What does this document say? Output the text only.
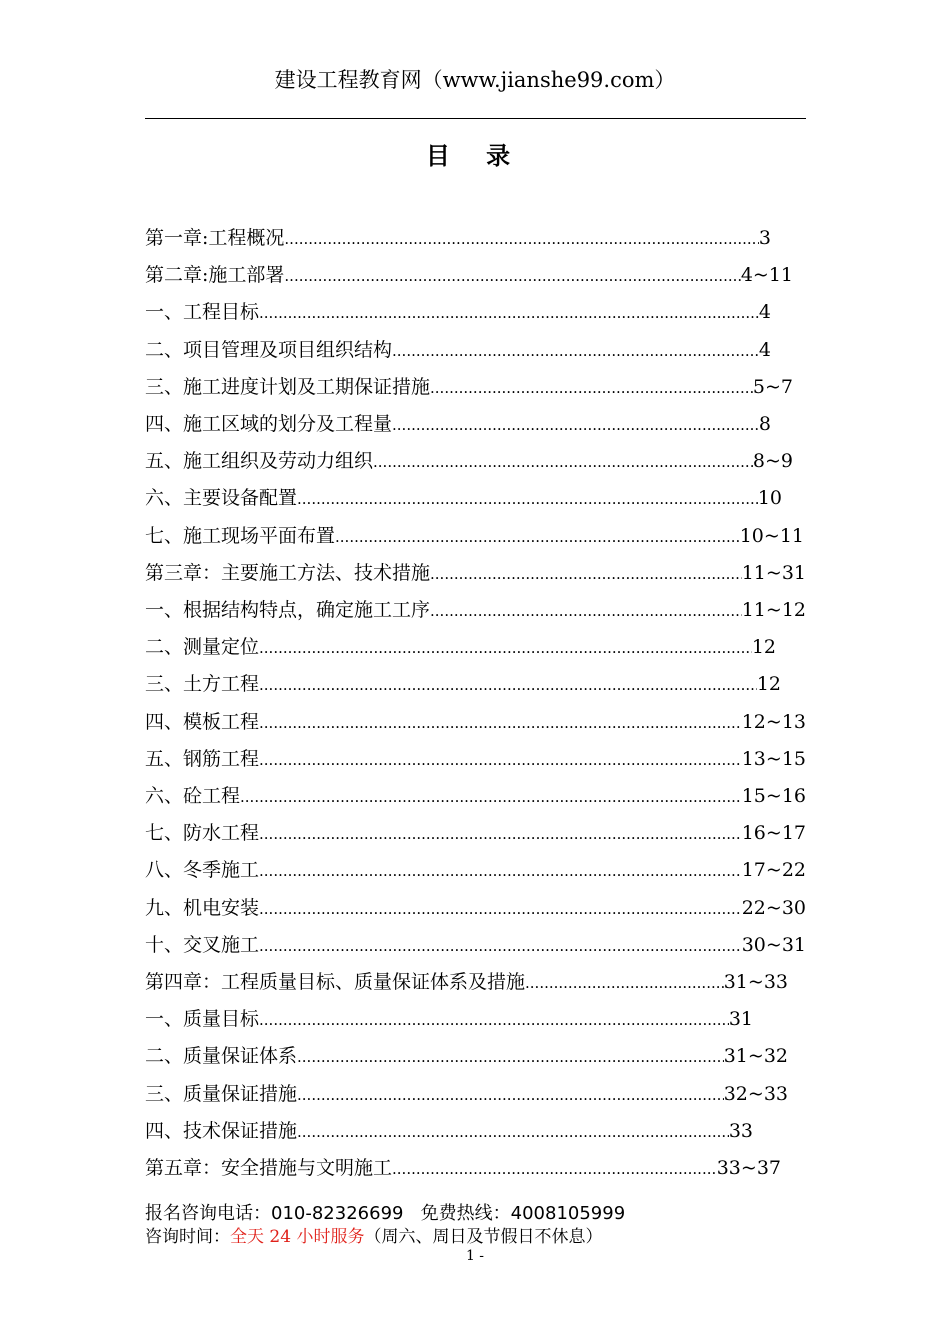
建设工程教育网（www.jianshe99.com）
目 录
第一章:工程概况 .....	3
第二章:施工部署 .....	4~11
一、工程目标 .....	4
二、项目管理及项目组织结构 .....	4
三、施工进度计划及工期保证措施 .....	5~7
四、施工区域的划分及工程量 .....	8
五、施工组织及劳动力组织 .....	8~9
六、主要设备配置 .....	10
七、施工现场平面布置 .....	10~11
第三章：主要施工方法、技术措施 .....	11~31
一、根据结构特点，确定施工工序 .....	11~12
二、测量定位 .....	12
三、土方工程 .....	12
四、模板工程 .....	12~13
五、钢筋工程 .....	13~15
六、砼工程 .....	15~16
七、防水工程 .....	16~17
八、冬季施工 .....	17~22
九、机电安装 .....	22~30
十、交叉施工 .....	30~31
第四章：工程质量目标、质量保证体系及措施 .....	31~33
一、质量目标 .....	31
二、质量保证体系 .....	31~32
三、质量保证措施 .....	32~33
四、技术保证措施 .....	33
第五章：安全措施与文明施工 .....	33~37
报名咨询电话：010-82326699 免费热线：4008105999
咨询时间：全天 24 小时服务（周六、周日及节假日不休息）
1 -
